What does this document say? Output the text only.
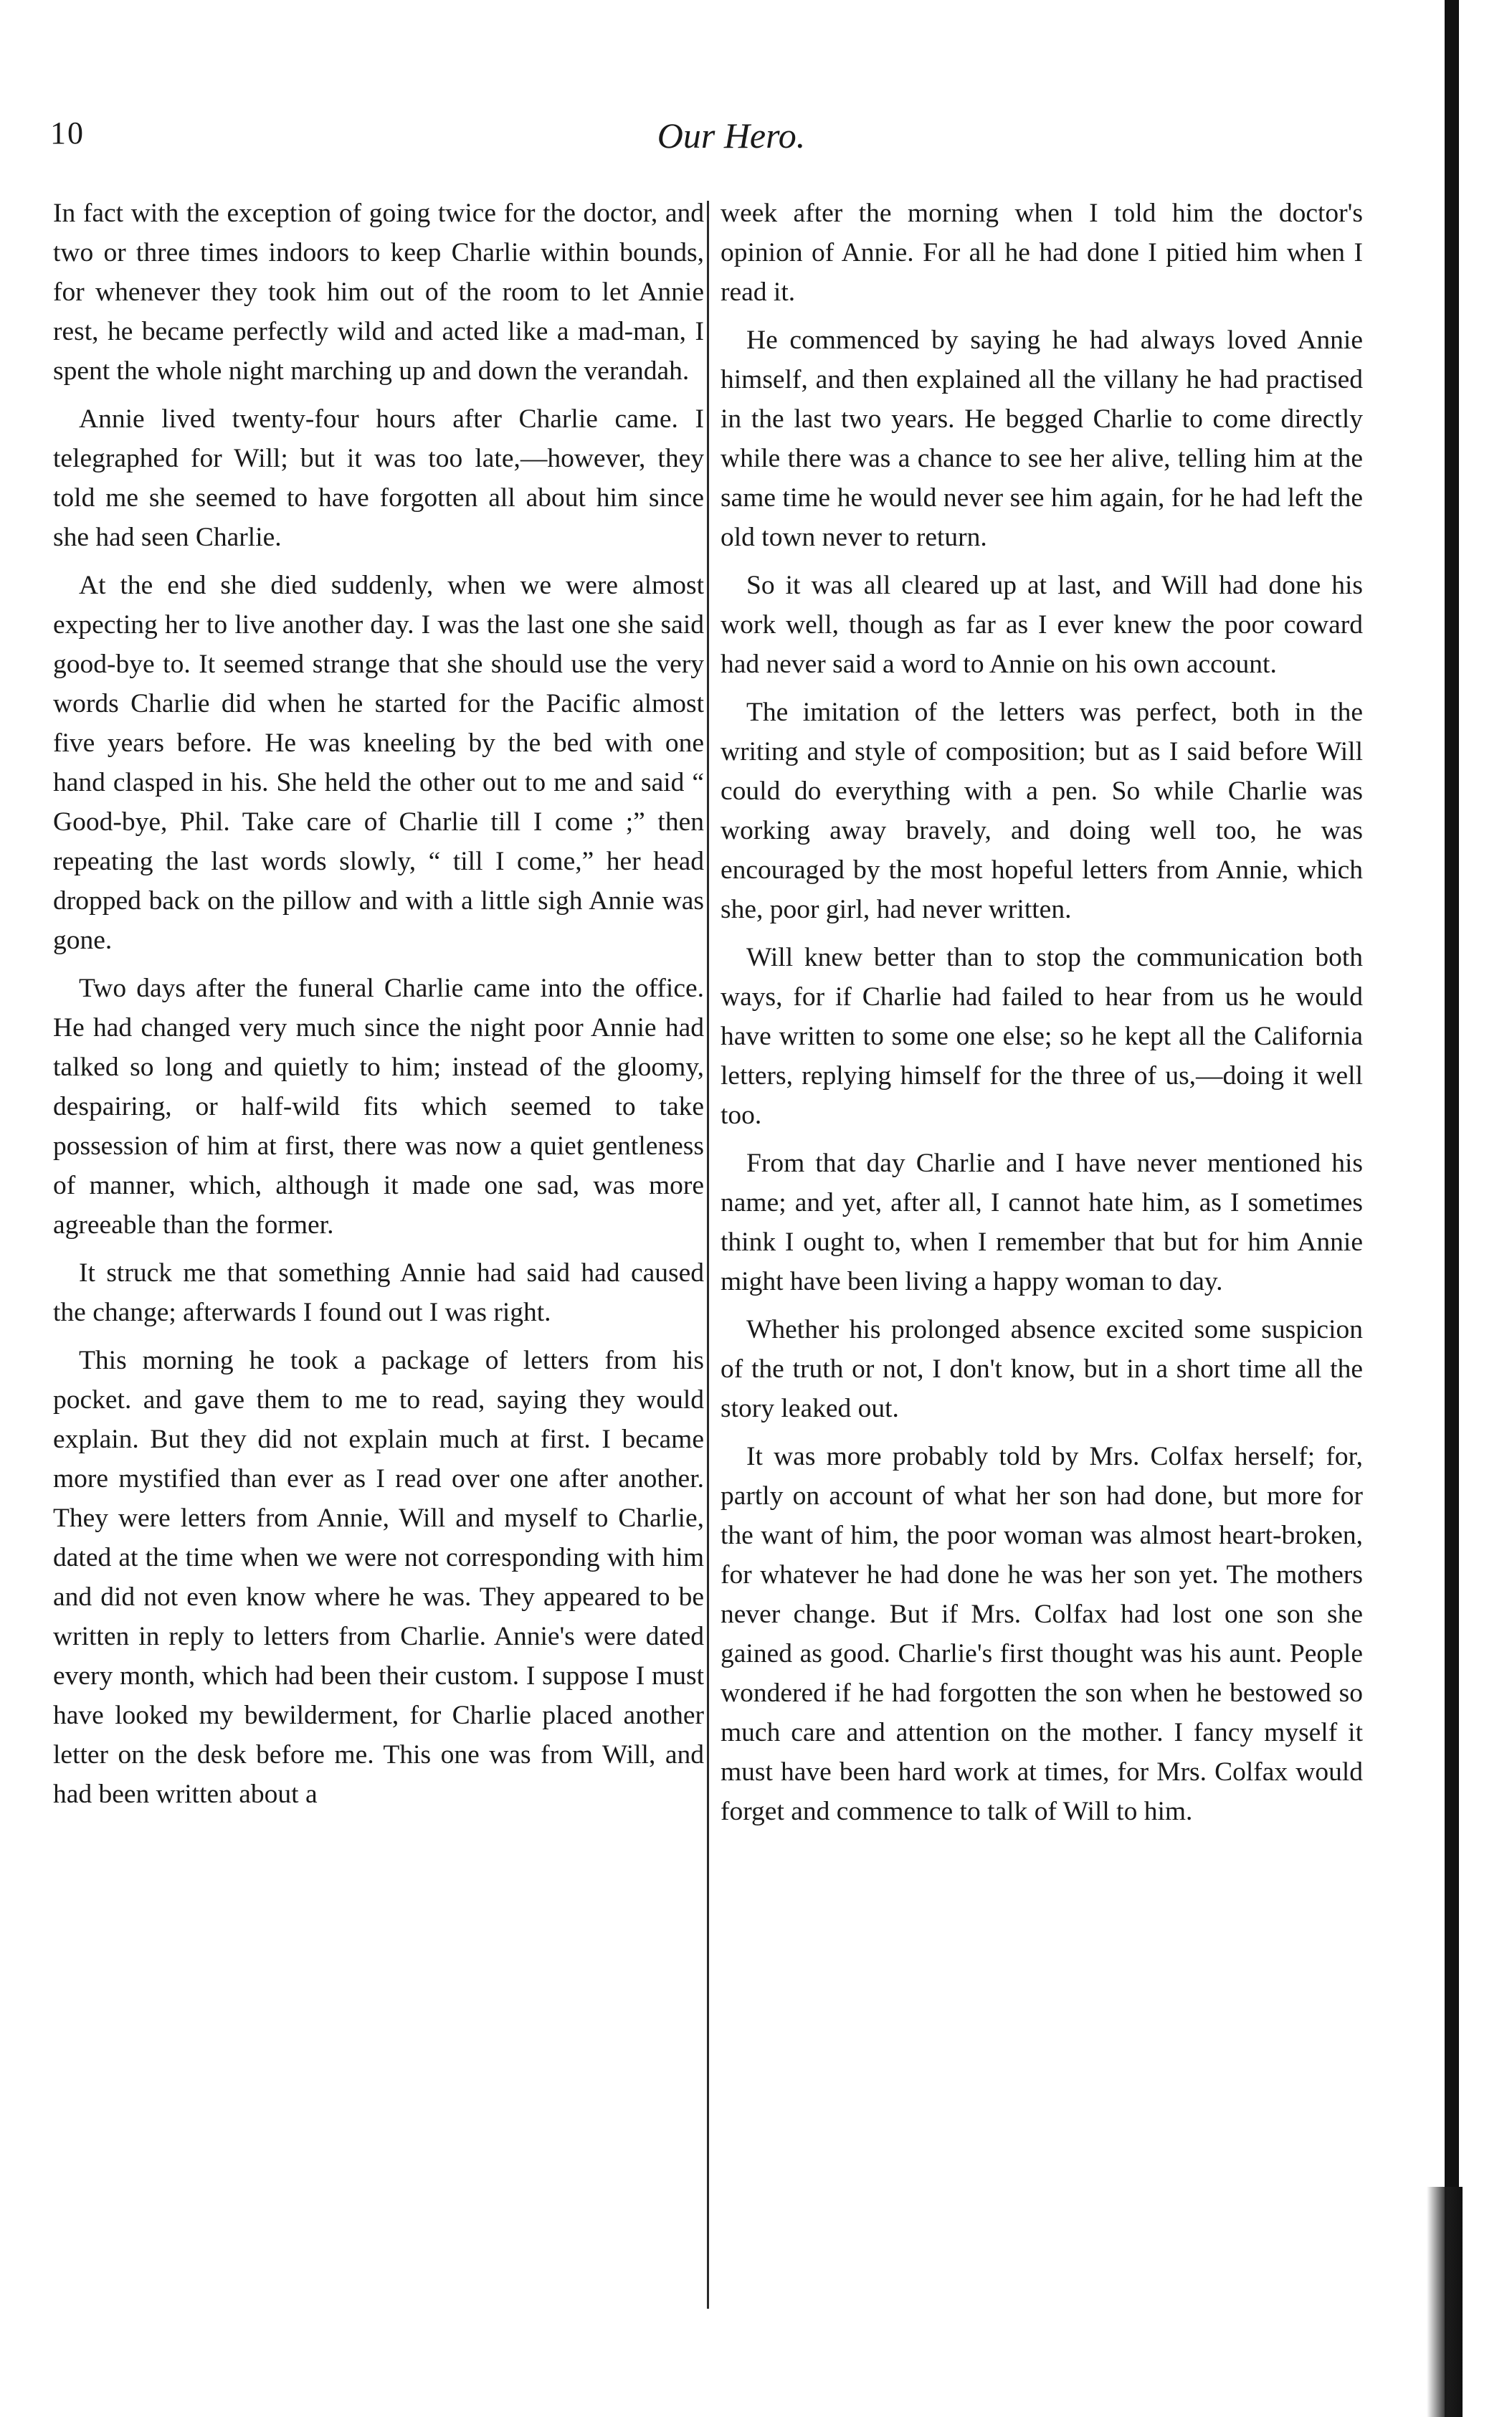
10	Our Hero.

In fact with the exception of going twice for the doctor, and two or three times indoors to keep Charlie within bounds, for whenever they took him out of the room to let Annie rest, he became perfectly wild and acted like a mad-man, I spent the whole night marching up and down the verandah.

Annie lived twenty-four hours after Charlie came. I telegraphed for Will; but it was too late,—however, they told me she seemed to have forgotten all about him since she had seen Charlie.

At the end she died suddenly, when we were almost expecting her to live another day. I was the last one she said good-bye to. It seemed strange that she should use the very words Charlie did when he started for the Pacific almost five years before. He was kneeling by the bed with one hand clasped in his. She held the other out to me and said “ Good-bye, Phil. Take care of Charlie till I come ;” then repeating the last words slowly, “ till I come,” her head dropped back on the pillow and with a little sigh Annie was gone.

Two days after the funeral Charlie came into the office. He had changed very much since the night poor Annie had talked so long and quietly to him; instead of the gloomy, despairing, or half-wild fits which seemed to take possession of him at first, there was now a quiet gentleness of manner, which, although it made one sad, was more agreeable than the former.

It struck me that something Annie had said had caused the change; afterwards I found out I was right.

This morning he took a package of letters from his pocket. and gave them to me to read, saying they would explain. But they did not explain much at first. I became more mystified than ever as I read over one after another. They were letters from Annie, Will and myself to Charlie, dated at the time when we were not corresponding with him and did not even know where he was. They appeared to be written in reply to letters from Charlie. Annie's were dated every month, which had been their custom. I suppose I must have looked my bewilderment, for Charlie placed another letter on the desk before me. This one was from Will, and had been written about a

week after the morning when I told him the doctor's opinion of Annie. For all he had done I pitied him when I read it.

He commenced by saying he had always loved Annie himself, and then explained all the villany he had practised in the last two years. He begged Charlie to come directly while there was a chance to see her alive, telling him at the same time he would never see him again, for he had left the old town never to return.

So it was all cleared up at last, and Will had done his work well, though as far as I ever knew the poor coward had never said a word to Annie on his own account.

The imitation of the letters was perfect, both in the writing and style of composition; but as I said before Will could do everything with a pen. So while Charlie was working away bravely, and doing well too, he was encouraged by the most hopeful letters from Annie, which she, poor girl, had never written.

Will knew better than to stop the communication both ways, for if Charlie had failed to hear from us he would have written to some one else; so he kept all the California letters, replying himself for the three of us,—doing it well too.

From that day Charlie and I have never mentioned his name; and yet, after all, I cannot hate him, as I sometimes think I ought to, when I remember that but for him Annie might have been living a happy woman to day.

Whether his prolonged absence excited some suspicion of the truth or not, I don't know, but in a short time all the story leaked out.

It was more probably told by Mrs. Colfax herself; for, partly on account of what her son had done, but more for the want of him, the poor woman was almost heart-broken, for whatever he had done he was her son yet. The mothers never change. But if Mrs. Colfax had lost one son she gained as good. Charlie's first thought was his aunt. People wondered if he had forgotten the son when he bestowed so much care and attention on the mother. I fancy myself it must have been hard work at times, for Mrs. Colfax would forget and commence to talk of Will to him.
